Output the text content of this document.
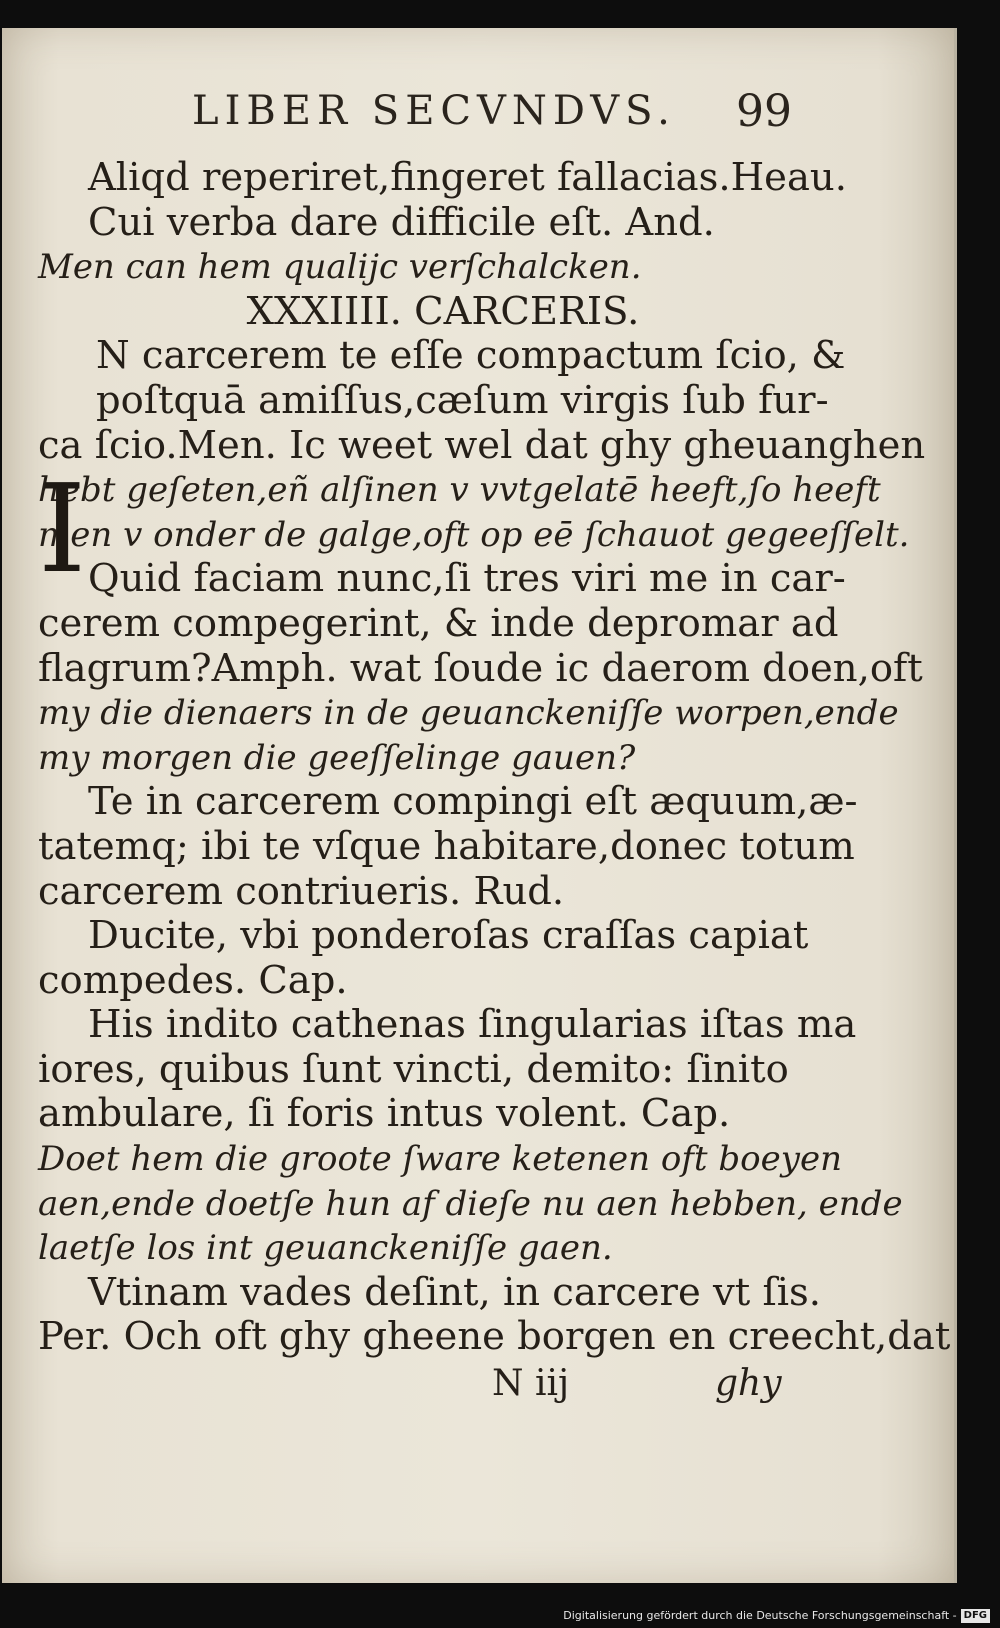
LIBER SECVNDVS. 99
Aliqd reperiret,fingeret fallacias.Heau.
Cui verba dare difficile eſt. And.
Men can hem qualijc verſchalcken.
XXXIIII. CARCERIS.
N carcerem te eſſe compactum ſcio, &
poſtquā amiſſus,cæſum virgis ſub fur-
ca ſcio.Men. Ic weet wel dat ghy gheuanghen
hebt geſeten,eñ alſinen v vvtgelatē heeft,ſo heeft
men v onder de galge,oft op eē ſchauot gegeeſſelt.
Quid faciam nunc,ſi tres viri me in car-
cerem compegerint, & inde depromar ad
flagrum?Amph. wat ſoude ic daerom doen,oft
my die dienaers in de geuanckeniſſe worpen,ende
my morgen die geeſſelinge gauen?
Te in carcerem compingi eſt æquum,æ-
tatemq; ibi te vſque habitare,donec totum
carcerem contriueris. Rud.
Ducite, vbi ponderoſas craſſas capiat
compedes. Cap.
His indito cathenas ſingularias iſtas ma
iores, quibus ſunt vincti, demito: ſinito
ambulare, ſi foris intus volent. Cap.
Doet hem die groote ſware ketenen oft boeyen
aen,ende doetſe hun af dieſe nu aen hebben, ende
laetſe los int geuanckeniſſe gaen.
Vtinam vades deſint, in carcere vt ſis.
Per. Och oft ghy gheene borgen en creecht,dat
I
N iij	ghy
Digitalisierung gefördert durch die Deutsche Forschungsgemeinschaft - DFG
